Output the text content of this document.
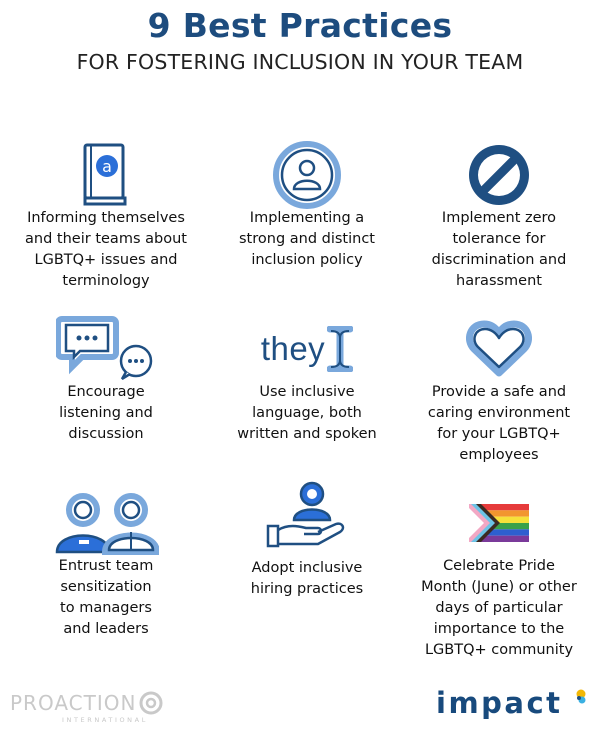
9 Best Practices
FOR FOSTERING INCLUSION IN YOUR TEAM
a
Informing themselves
and their teams about
LGBTQ+ issues and
terminology
Implementing a
strong and distinct
inclusion policy
Implement zero
tolerance for
discrimination and
harassment
Encourage
listening and
discussion
they
Use inclusive
language, both
written and spoken
Provide a safe and
caring environment
for your LGBTQ+
employees
Entrust team
sensitization
to managers
and leaders
Adopt inclusive
hiring practices
Celebrate Pride
Month (June) or other
days of particular
importance to the
LGBTQ+ community
PROACTION
INTERNATIONAL	impact
